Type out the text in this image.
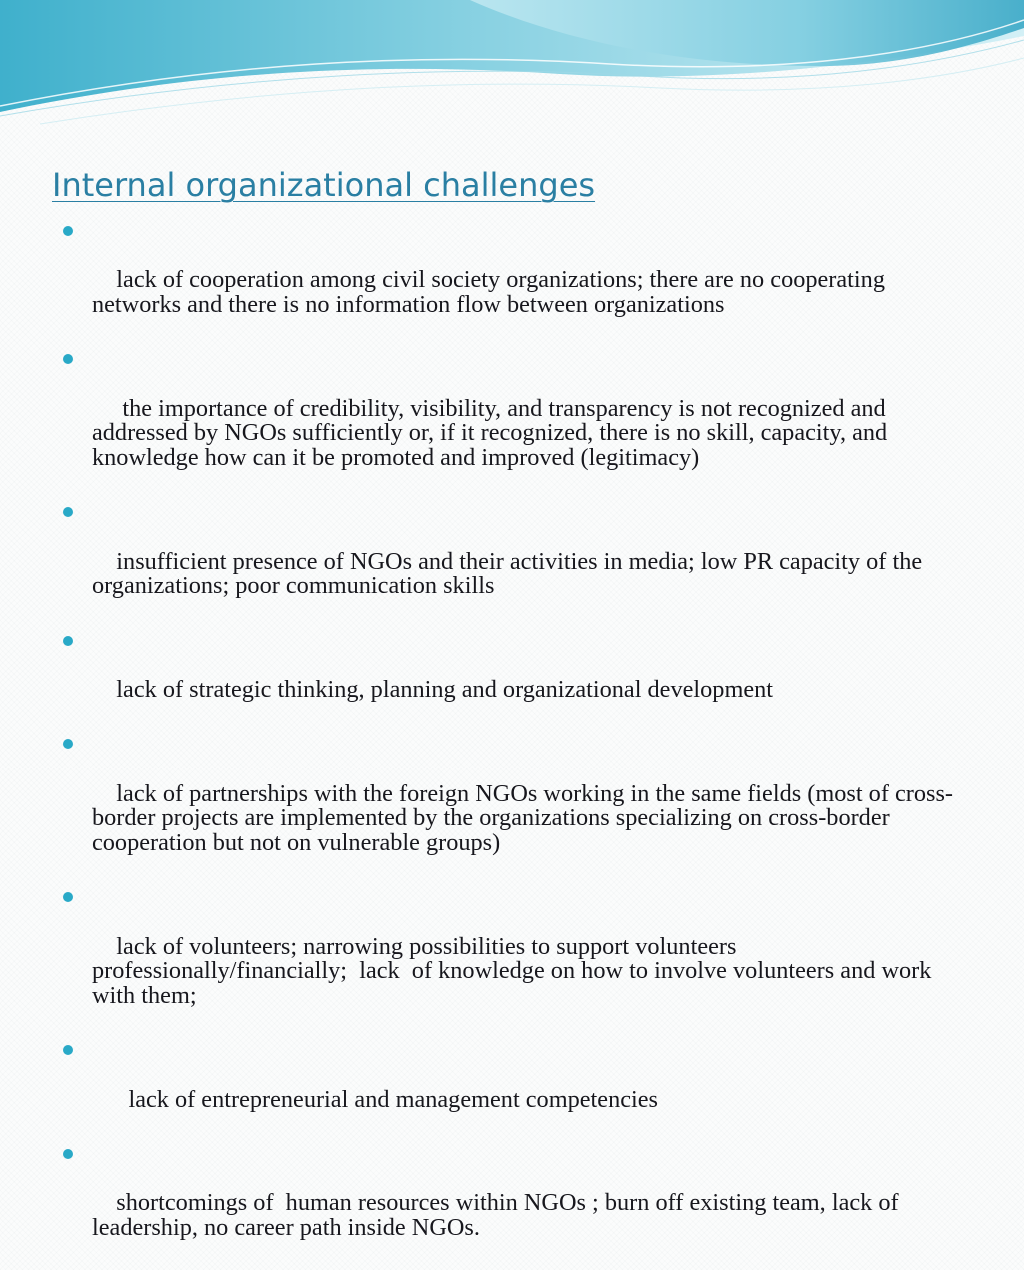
Internal organizational challenges

lack of cooperation among civil society organizations; there are no cooperating networks and there is no information flow between organizations

the importance of credibility, visibility, and transparency is not recognized and addressed by NGOs sufficiently or, if it recognized, there is no skill, capacity, and knowledge how can it be promoted and improved (legitimacy)

insufficient presence of NGOs and their activities in media; low PR capacity of the organizations; poor communication skills

lack of strategic thinking, planning and organizational development

lack of partnerships with the foreign NGOs working in the same fields (most of cross-border projects are implemented by the organizations specializing on cross-border cooperation but not on vulnerable groups)

lack of volunteers; narrowing possibilities to support volunteers professionally/financially;  lack  of knowledge on how to involve volunteers and work with them;

lack of entrepreneurial and management competencies

shortcomings of  human resources within NGOs ; burn off existing team, lack of leadership, no career path inside NGOs.
